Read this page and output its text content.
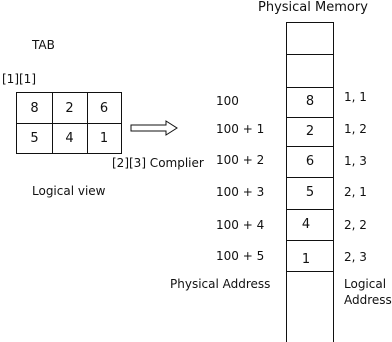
Physical Memory
TAB
[1][1]
[2][3] Complier
Logical view
8	2	6
5	4	1
100	8	1, 1
100 + 1	2	1, 2
100 + 2	6	1, 3
100 + 3	5	2, 1
100 + 4	4	2, 2
100 + 5	1	2, 3
Physical Address	Logical
Address
